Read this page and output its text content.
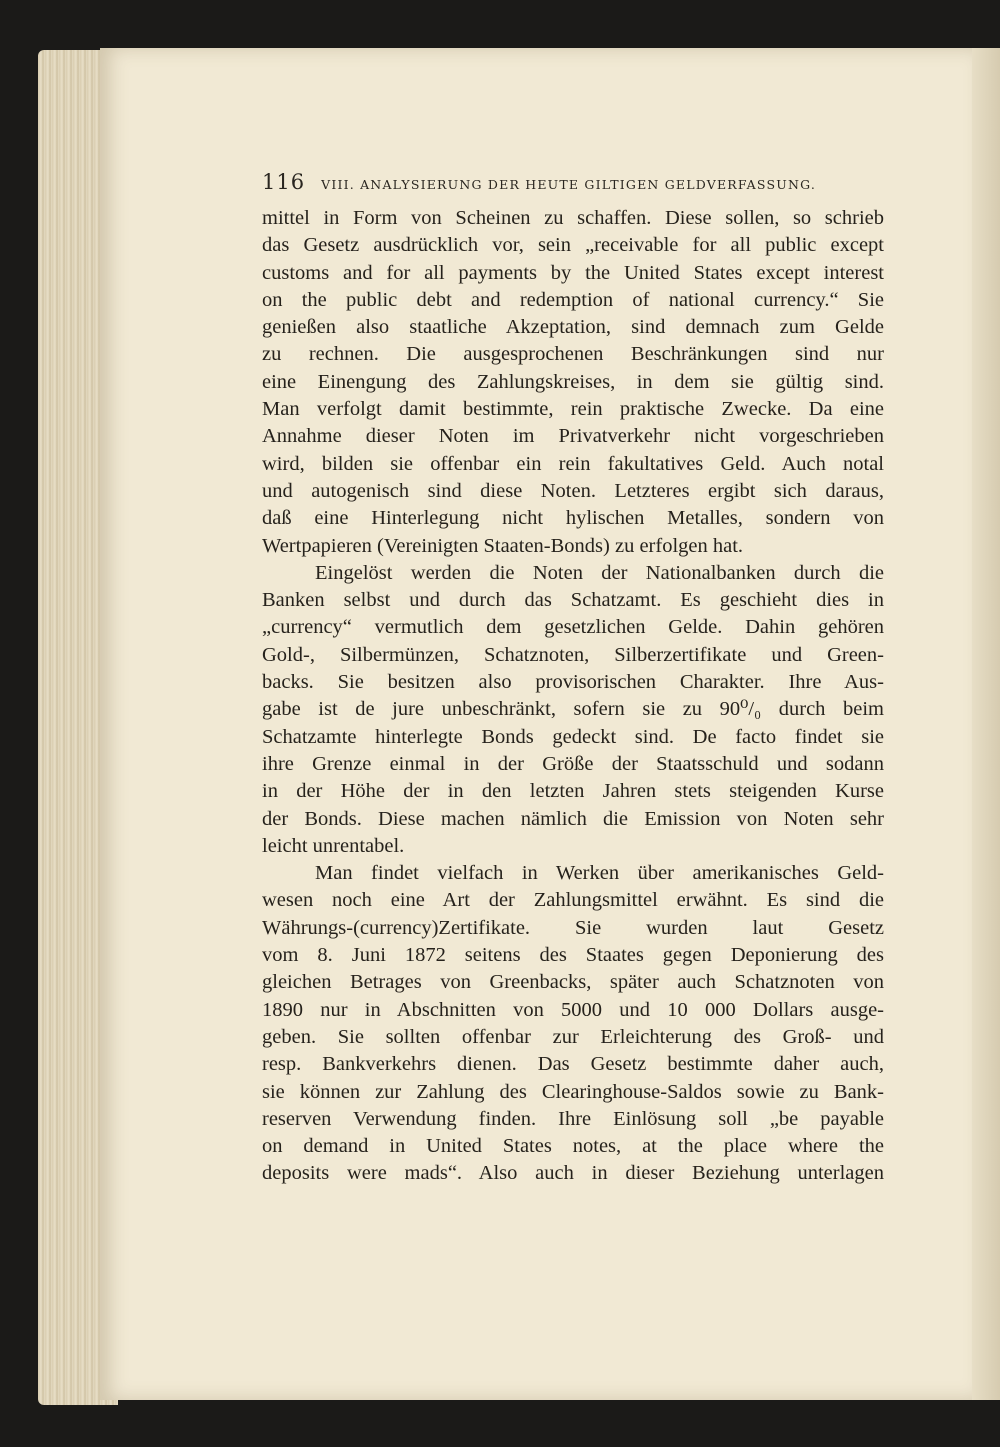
116 VIII. ANALYSIERUNG DER HEUTE GILTIGEN GELDVERFASSUNG.
mittel in Form von Scheinen zu schaffen. Diese sollen, so schrieb
das Gesetz ausdrücklich vor, sein „receivable for all public except
customs and for all payments by the United States except interest
on the public debt and redemption of national currency.“ Sie
genießen also staatliche Akzeptation, sind demnach zum Gelde
zu rechnen. Die ausgesprochenen Beschränkungen sind nur
eine Einengung des Zahlungskreises, in dem sie gültig sind.
Man verfolgt damit bestimmte, rein praktische Zwecke. Da eine
Annahme dieser Noten im Privatverkehr nicht vorgeschrieben
wird, bilden sie offenbar ein rein fakultatives Geld. Auch notal
und autogenisch sind diese Noten. Letzteres ergibt sich daraus,
daß eine Hinterlegung nicht hylischen Metalles, sondern von
Wertpapieren (Vereinigten Staaten-Bonds) zu erfolgen hat.
Eingelöst werden die Noten der Nationalbanken durch die
Banken selbst und durch das Schatzamt. Es geschieht dies in
„currency“ vermutlich dem gesetzlichen Gelde. Dahin gehören
Gold-, Silbermünzen, Schatznoten, Silberzertifikate und Green-
backs. Sie besitzen also provisorischen Charakter. Ihre Aus-
gabe ist de jure unbeschränkt, sofern sie zu 90⁰/₀ durch beim
Schatzamte hinterlegte Bonds gedeckt sind. De facto findet sie
ihre Grenze einmal in der Größe der Staatsschuld und sodann
in der Höhe der in den letzten Jahren stets steigenden Kurse
der Bonds. Diese machen nämlich die Emission von Noten sehr
leicht unrentabel.
Man findet vielfach in Werken über amerikanisches Geld-
wesen noch eine Art der Zahlungsmittel erwähnt. Es sind die
Währungs-(currency)Zertifikate. Sie wurden laut Gesetz
vom 8. Juni 1872 seitens des Staates gegen Deponierung des
gleichen Betrages von Greenbacks, später auch Schatznoten von
1890 nur in Abschnitten von 5000 und 10 000 Dollars ausge-
geben. Sie sollten offenbar zur Erleichterung des Groß- und
resp. Bankverkehrs dienen. Das Gesetz bestimmte daher auch,
sie können zur Zahlung des Clearinghouse-Saldos sowie zu Bank-
reserven Verwendung finden. Ihre Einlösung soll „be payable
on demand in United States notes, at the place where the
deposits were mads“. Also auch in dieser Beziehung unterlagen
